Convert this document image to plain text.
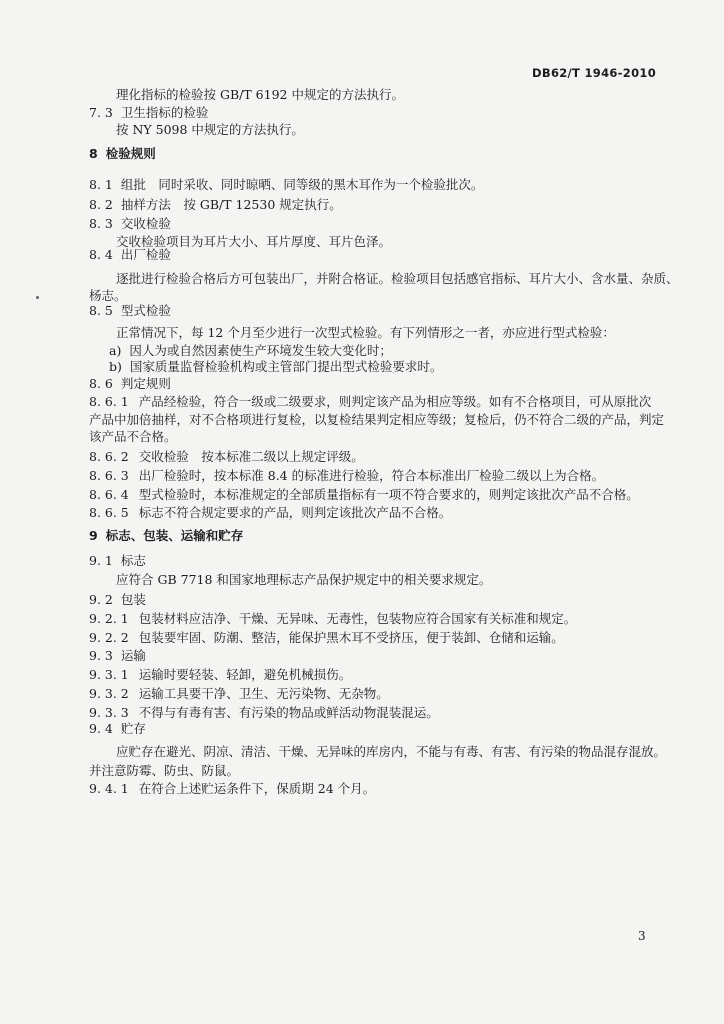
DB62/T 1946-2010
理化指标的检验按 GB/T 6192 中规定的方法执行。
7. 3 卫生指标的检验
按 NY 5098 中规定的方法执行。
8 检验规则
8. 1 组批　同时采收、同时晾晒、同等级的黑木耳作为一个检验批次。
8. 2 抽样方法　按 GB/T 12530 规定执行。
8. 3 交收检验
交收检验项目为耳片大小、耳片厚度、耳片色泽。
8. 4 出厂检验
逐批进行检验合格后方可包装出厂，并附合格证。检验项目包括感官指标、耳片大小、含水量、杂质、
杨志。
8. 5 型式检验
正常情况下，每 12 个月至少进行一次型式检验。有下列情形之一者，亦应进行型式检验：
a) 因人为或自然因素使生产环境发生较大变化时；
b) 国家质量监督检验机构或主管部门提出型式检验要求时。
8. 6 判定规则
8. 6. 1 产品经检验，符合一级或二级要求，则判定该产品为相应等级。如有不合格项目，可从原批次
产品中加倍抽样，对不合格项进行复检，以复检结果判定相应等级；复检后，仍不符合二级的产品，判定
该产品不合格。
8. 6. 2 交收检验　按本标准二级以上规定评级。
8. 6. 3 出厂检验时，按本标准 8.4 的标准进行检验，符合本标准出厂检验二级以上为合格。
8. 6. 4 型式检验时，本标准规定的全部质量指标有一项不符合要求的，则判定该批次产品不合格。
8. 6. 5 标志不符合规定要求的产品，则判定该批次产品不合格。
9 标志、包装、运输和贮存
9. 1 标志
应符合 GB 7718 和国家地理标志产品保护规定中的相关要求规定。
9. 2 包装
9. 2. 1 包装材料应洁净、干燥、无异味、无毒性，包装物应符合国家有关标准和规定。
9. 2. 2 包装要牢固、防潮、整洁，能保护黑木耳不受挤压，便于装卸、仓储和运输。
9. 3 运输
9. 3. 1 运输时要轻装、轻卸，避免机械损伤。
9. 3. 2 运输工具要干净、卫生、无污染物、无杂物。
9. 3. 3 不得与有毒有害、有污染的物品或鲜活动物混装混运。
9. 4 贮存
应贮存在避光、阴凉、清洁、干燥、无异味的库房内，不能与有毒、有害、有污染的物品混存混放。
并注意防霉、防虫、防鼠。
9. 4. 1 在符合上述贮运条件下，保质期 24 个月。
3
